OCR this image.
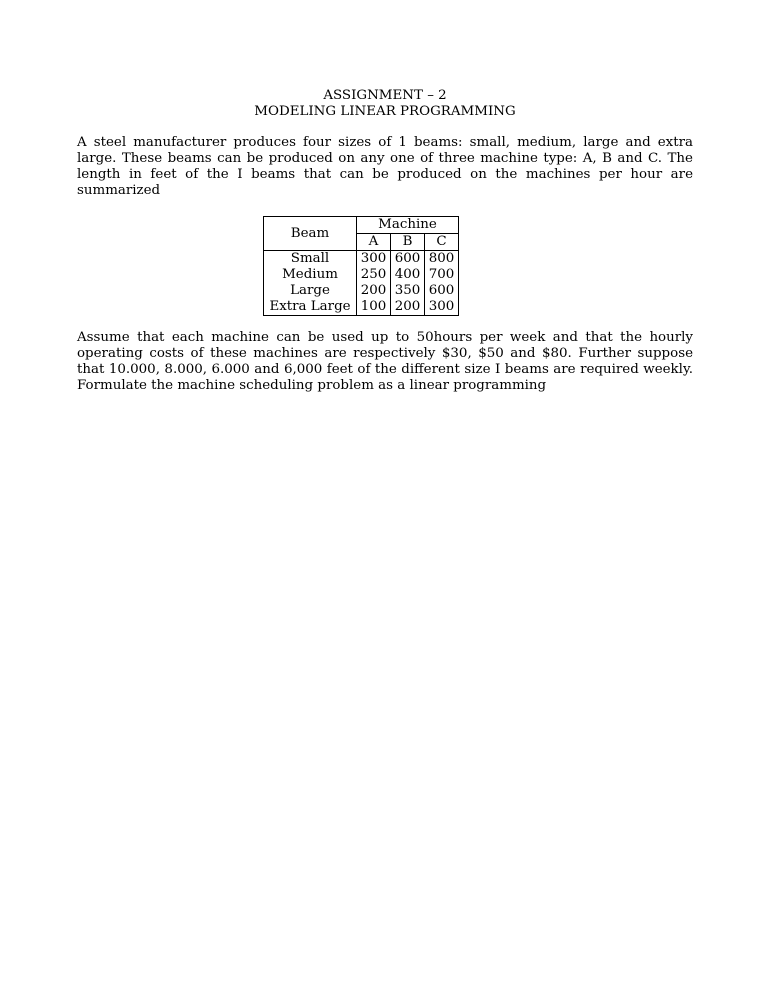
ASSIGNMENT – 2
MODELING LINEAR PROGRAMMING

A steel manufacturer produces four sizes of 1 beams: small, medium, large and extra large. These beams can be produced on any one of three machine type: A, B and C. The length in feet of the I beams that can be produced on the machines per hour are summarized

Beam	Machine		
	A	B	C
Small	300	600	800
Medium	250	400	700
Large	200	350	600
Extra Large	100	200	300

Assume that each machine can be used up to 50hours per week and that the hourly operating costs of these machines are respectively $30, $50 and $80. Further suppose that 10.000, 8.000, 6.000 and 6,000 feet of the different size I beams are required weekly. Formulate the machine scheduling problem as a linear programming
